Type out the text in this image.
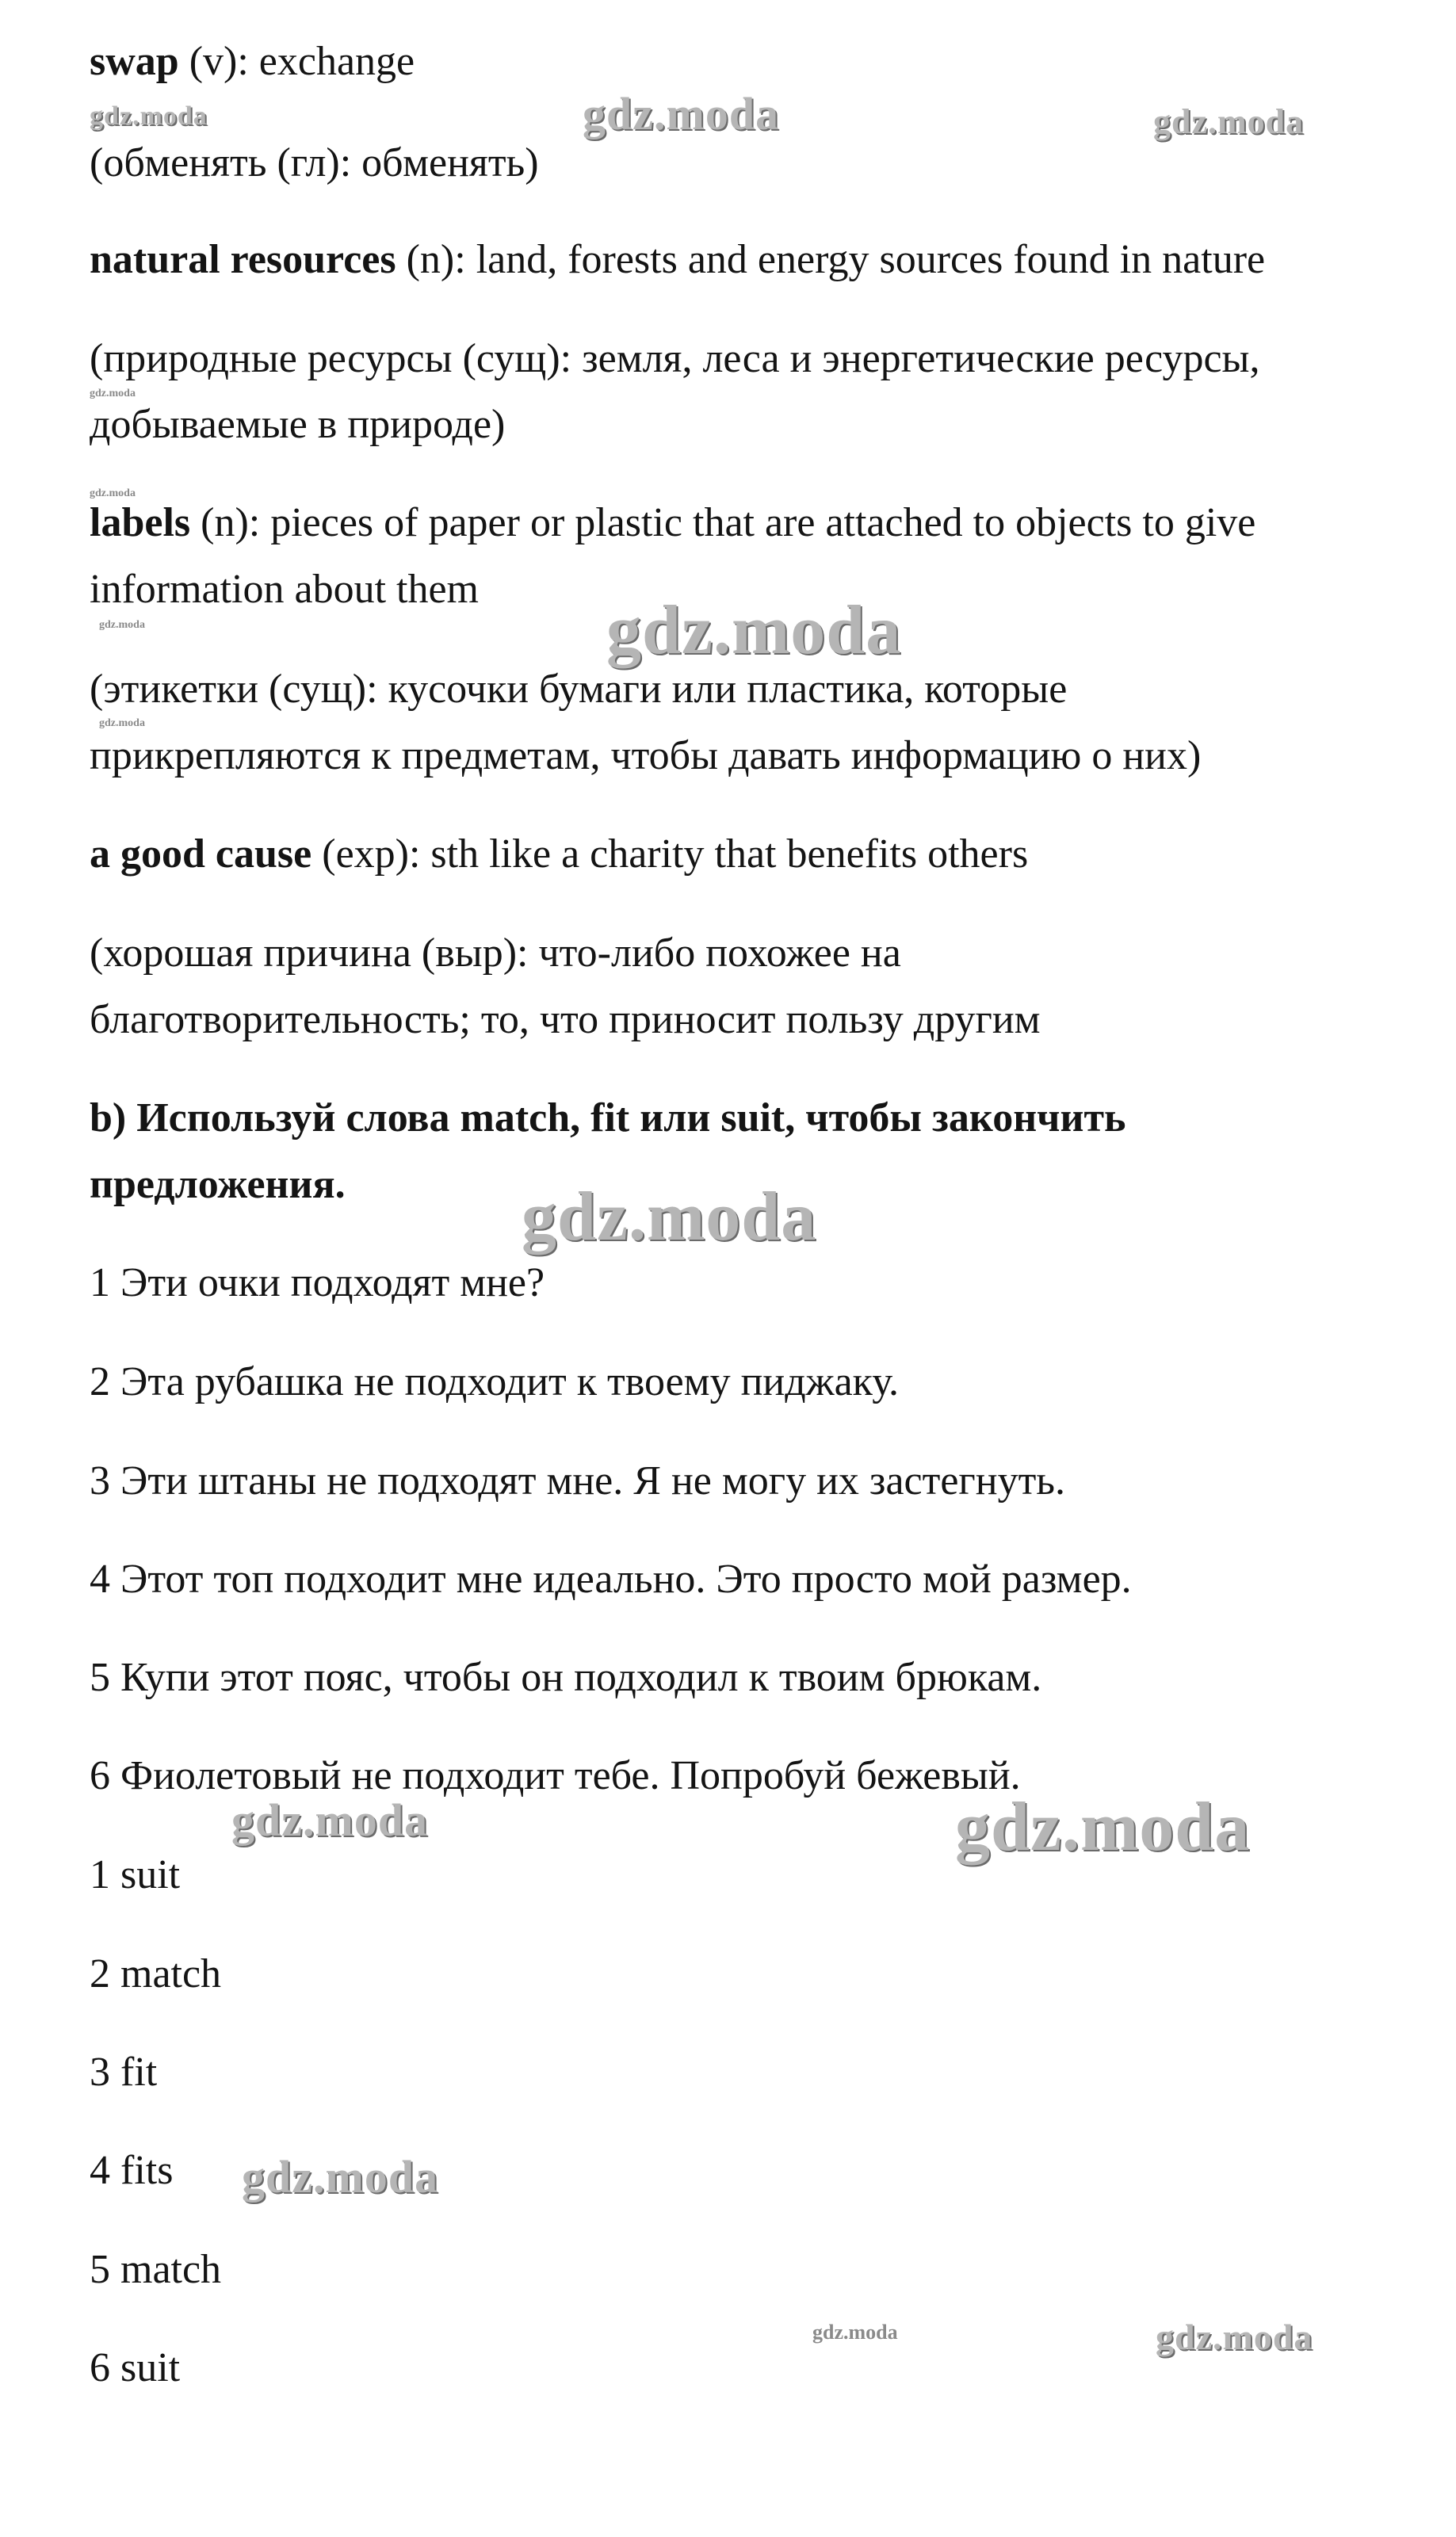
swap (v): exchange
(обменять (гл): обменять)
natural resources (n): land, forests and energy sources found in nature
(природные ресурсы (сущ): земля, леса и энергетические ресурсы,
добываемые в природе)
labels (n): pieces of paper or plastic that are attached to objects to give
information about them
(этикетки (сущ): кусочки бумаги или пластика, которые
прикрепляются к предметам, чтобы давать информацию о них)
a good cause (exp): sth like a charity that benefits others
(хорошая причина (выр): что-либо похожее на
благотворительность; то, что приносит пользу другим
b) Используй слова match, fit или suit, чтобы закончить
предложения.
1 Эти очки подходят мне?
2 Эта рубашка не подходит к твоему пиджаку.
3 Эти штаны не подходят мне. Я не могу их застегнуть.
4 Этот топ подходит мне идеально. Это просто мой размер.
5 Купи этот пояс, чтобы он подходил к твоим брюкам.
6 Фиолетовый не подходит тебе. Попробуй бежевый.
1 suit
2 match
3 fit
4 fits
5 match
6 suit
gdz.moda	gdz.moda	gdz.moda
gdz.moda
gdz.moda
gdz.moda
gdz.moda
gdz.moda
gdz.moda
gdz.moda	gdz.moda
gdz.moda
gdz.moda	gdz.moda
